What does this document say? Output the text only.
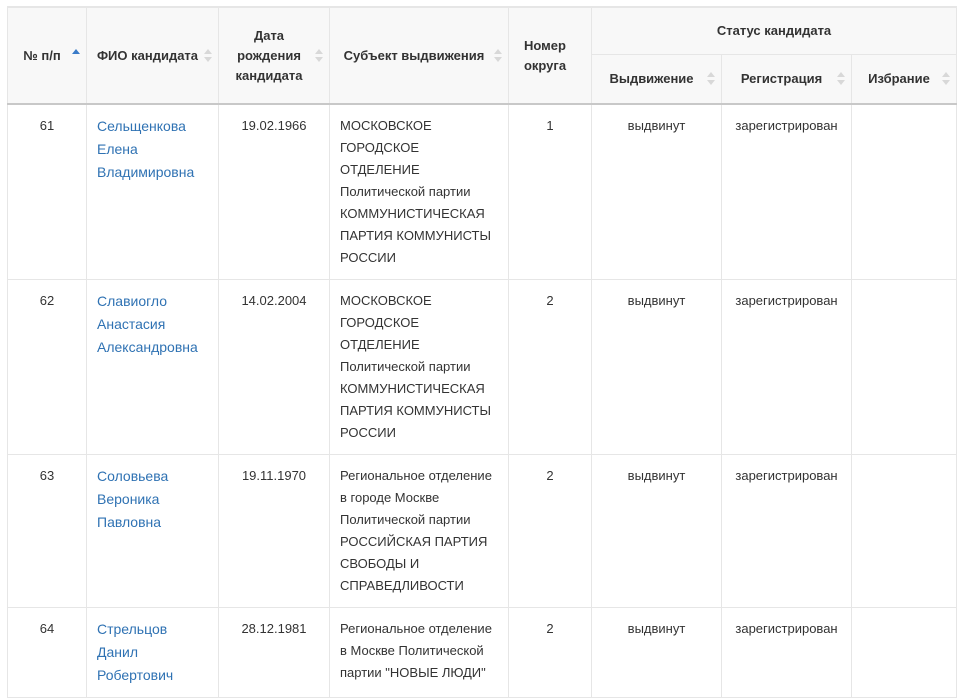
№ п/п	ФИО кандидата	Дата рождения кандидата	Субъект выдвижения	Номер округа	Статус кандидата		
					Выдвижение	Регистрация	Избрание

61	Сельщенкова Елена Владимировна	19.02.1966	МОСКОВСКОЕ ГОРОДСКОЕ ОТДЕЛЕНИЕ Политической партии КОММУНИСТИЧЕСКАЯ ПАРТИЯ КОММУНИСТЫ РОССИИ	1	выдвинут	зарегистрирован	
62	Славиогло Анастасия Александровна	14.02.2004	МОСКОВСКОЕ ГОРОДСКОЕ ОТДЕЛЕНИЕ Политической партии КОММУНИСТИЧЕСКАЯ ПАРТИЯ КОММУНИСТЫ РОССИИ	2	выдвинут	зарегистрирован	
63	Соловьева Вероника Павловна	19.11.1970	Региональное отделение в городе Москве Политической партии РОССИЙСКАЯ ПАРТИЯ СВОБОДЫ И СПРАВЕДЛИВОСТИ	2	выдвинут	зарегистрирован	
64	Стрельцов Данил Робертович	28.12.1981	Региональное отделение в Москве Политической партии "НОВЫЕ ЛЮДИ"	2	выдвинут	зарегистрирован	
